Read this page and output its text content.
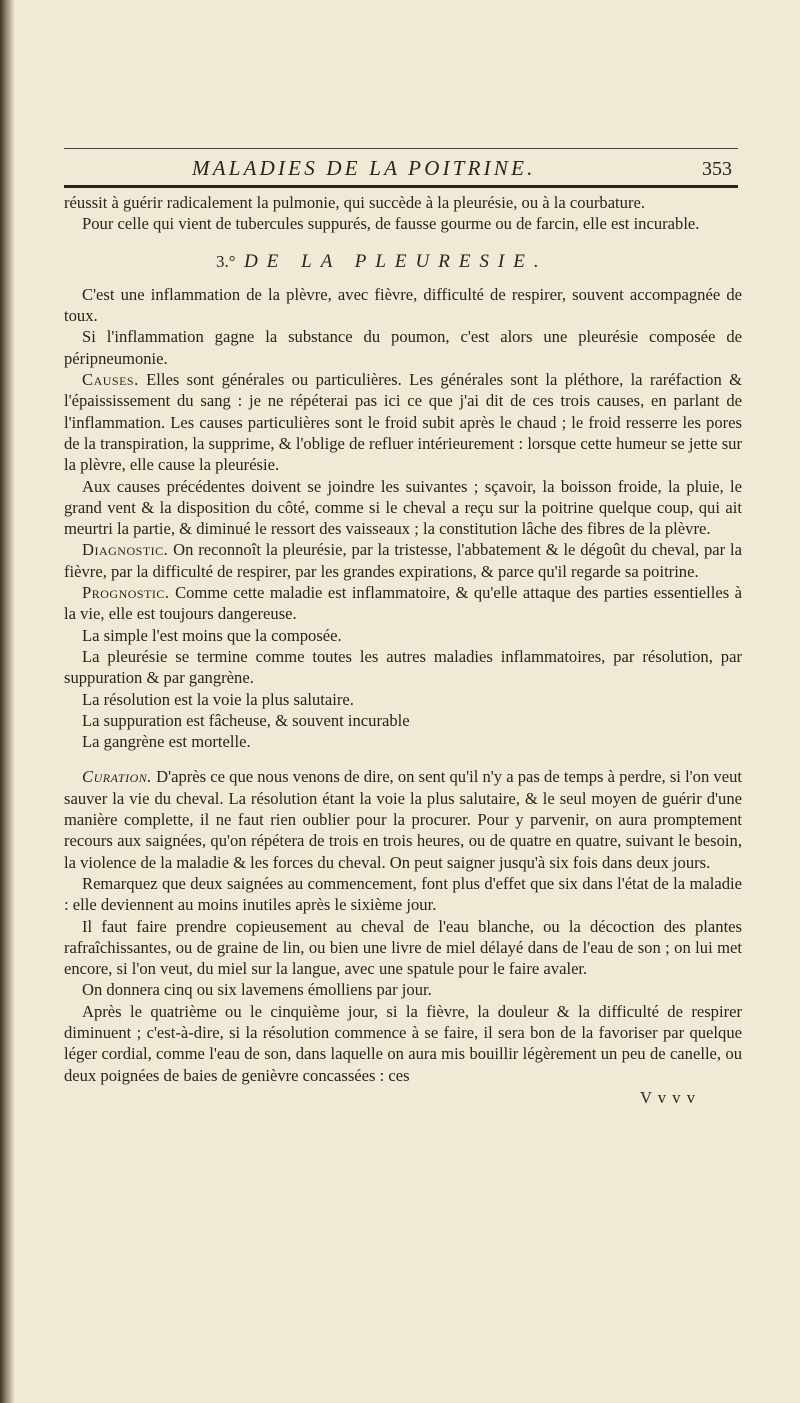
MALADIES DE LA POITRINE.	353

réussit à guérir radicalement la pulmonie, qui succède à la pleurésie, ou à la courbature.

Pour celle qui vient de tubercules suppurés, de fausse gourme ou de farcin, elle est incurable.

3.° DE LA PLEURESIE.

C'est une inflammation de la plèvre, avec fièvre, difficulté de respirer, souvent accompagnée de toux.

Si l'inflammation gagne la substance du poumon, c'est alors une pleurésie composée de péripneumonie.

Causes. Elles sont générales ou particulières. Les générales sont la pléthore, la raréfaction & l'épaississement du sang : je ne répéterai pas ici ce que j'ai dit de ces trois causes, en parlant de l'inflammation. Les causes particulières sont le froid subit après le chaud ; le froid resserre les pores de la transpiration, la supprime, & l'oblige de refluer intérieurement : lorsque cette humeur se jette sur la plèvre, elle cause la pleurésie.

Aux causes précédentes doivent se joindre les suivantes ; sçavoir, la boisson froide, la pluie, le grand vent & la disposition du côté, comme si le cheval a reçu sur la poitrine quelque coup, qui ait meurtri la partie, & diminué le ressort des vaisseaux ; la constitution lâche des fibres de la plèvre.

Diagnostic. On reconnoît la pleurésie, par la tristesse, l'abbatement & le dégoût du cheval, par la fièvre, par la difficulté de respirer, par les grandes expirations, & parce qu'il regarde sa poitrine.

Prognostic. Comme cette maladie est inflammatoire, & qu'elle attaque des parties essentielles à la vie, elle est toujours dangereuse.

La simple l'est moins que la composée.

La pleurésie se termine comme toutes les autres maladies inflammatoires, par résolution, par suppuration & par gangrène.

La résolution est la voie la plus salutaire.

La suppuration est fâcheuse, & souvent incurable

La gangrène est mortelle.

Curation. D'après ce que nous venons de dire, on sent qu'il n'y a pas de temps à perdre, si l'on veut sauver la vie du cheval. La résolution étant la voie la plus salutaire, & le seul moyen de guérir d'une manière complette, il ne faut rien oublier pour la procurer. Pour y parvenir, on aura promptement recours aux saignées, qu'on répétera de trois en trois heures, ou de quatre en quatre, suivant le besoin, la violence de la maladie & les forces du cheval. On peut saigner jusqu'à six fois dans deux jours.

Remarquez que deux saignées au commencement, font plus d'effet que six dans l'état de la maladie : elle deviennent au moins inutiles après le sixième jour.

Il faut faire prendre copieusement au cheval de l'eau blanche, ou la décoction des plantes rafraîchissantes, ou de graine de lin, ou bien une livre de miel délayé dans de l'eau de son ; on lui met encore, si l'on veut, du miel sur la langue, avec une spatule pour le faire avaler.

On donnera cinq ou six lavemens émolliens par jour.

Après le quatrième ou le cinquième jour, si la fièvre, la douleur & la difficulté de respirer diminuent ; c'est-à-dire, si la résolution commence à se faire, il sera bon de la favoriser par quelque léger cordial, comme l'eau de son, dans laquelle on aura mis bouillir légèrement un peu de canelle, ou deux poignées de baies de genièvre concassées : ces

V v v v
